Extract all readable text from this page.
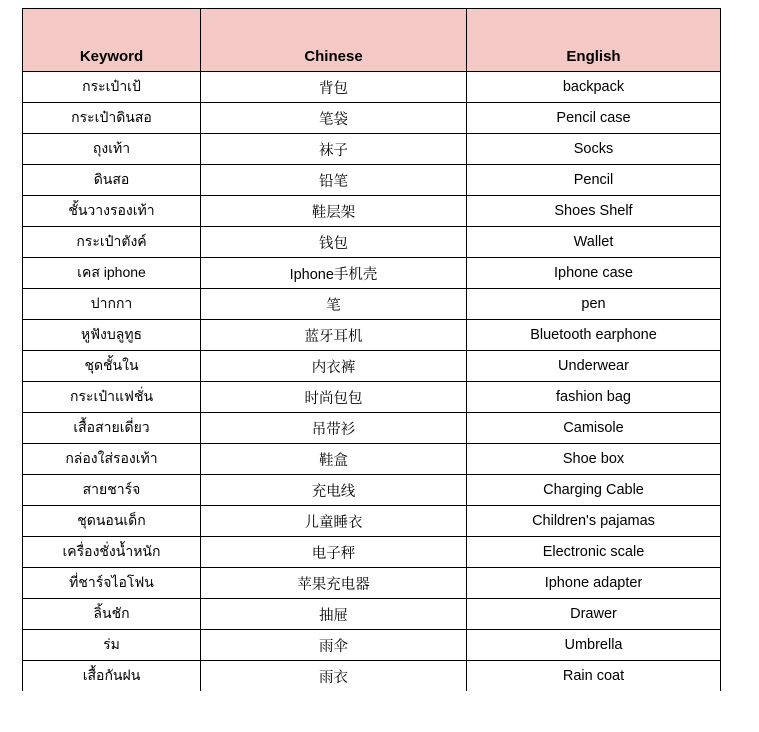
Keyword	Chinese	English
กระเป๋าเป้	背包	backpack
กระเป๋าดินสอ	笔袋	Pencil case
ถุงเท้า	袜子	Socks
ดินสอ	铅笔	Pencil
ชั้นวางรองเท้า	鞋层架	Shoes Shelf
กระเป๋าตังค์	钱包	Wallet
เคส iphone	Iphone手机壳	Iphone case
ปากกา	笔	pen
หูฟังบลูทูธ	蓝牙耳机	Bluetooth earphone
ชุดชั้นใน	内衣裤	Underwear
กระเป๋าแฟชั่น	时尚包包	fashion bag
เสื้อสายเดี่ยว	吊带衫	Camisole
กล่องใส่รองเท้า	鞋盒	Shoe box
สายชาร์จ	充电线	Charging Cable
ชุดนอนเด็ก	儿童睡衣	Children's pajamas
เครื่องชั่งน้ำหนัก	电子秤	Electronic scale
ที่ชาร์จไอโฟน	苹果充电器	Iphone adapter
ลิ้นชัก	抽屉	Drawer
ร่ม	雨伞	Umbrella
เสื้อกันฝน	雨衣	Rain coat
